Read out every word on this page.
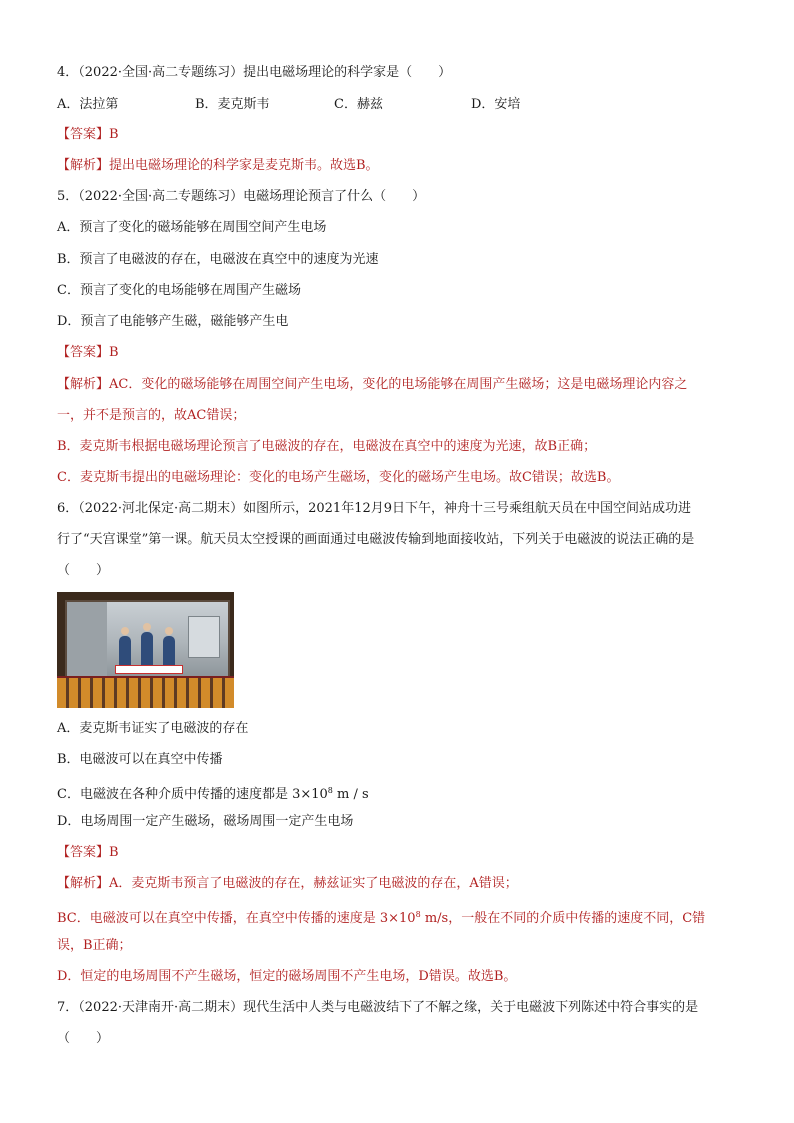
4．（2022·全国·高二专题练习）提出电磁场理论的科学家是（　　）
A．法拉第	B．麦克斯韦	C．赫兹	D．安培
【答案】B
【解析】提出电磁场理论的科学家是麦克斯韦。故选B。
5．（2022·全国·高二专题练习）电磁场理论预言了什么（　　）
A．预言了变化的磁场能够在周围空间产生电场
B．预言了电磁波的存在，电磁波在真空中的速度为光速
C．预言了变化的电场能够在周围产生磁场
D．预言了电能够产生磁，磁能够产生电
【答案】B
【解析】AC．变化的磁场能够在周围空间产生电场，变化的电场能够在周围产生磁场；这是电磁场理论内容之
一，并不是预言的，故AC错误；
B．麦克斯韦根据电磁场理论预言了电磁波的存在，电磁波在真空中的速度为光速，故B正确；
C．麦克斯韦提出的电磁场理论：变化的电场产生磁场，变化的磁场产生电场。故C错误；故选B。
6．（2022·河北保定·高二期末）如图所示，2021年12月9日下午，神舟十三号乘组航天员在中国空间站成功进
行了“天宫课堂”第一课。航天员太空授课的画面通过电磁波传输到地面接收站，下列关于电磁波的说法正确的是
（　　）
A．麦克斯韦证实了电磁波的存在
B．电磁波可以在真空中传播
C．电磁波在各种介质中传播的速度都是 $3\times 10^8$ m / s
D．电场周围一定产生磁场，磁场周围一定产生电场
【答案】B
【解析】A．麦克斯韦预言了电磁波的存在，赫兹证实了电磁波的存在，A错误；
BC．电磁波可以在真空中传播，在真空中传播的速度是 $3\times 10^8$ m/s，一般在不同的介质中传播的速度不同，C错
误，B正确；
D．恒定的电场周围不产生磁场，恒定的磁场周围不产生电场，D错误。故选B。
7．（2022·天津南开·高二期末）现代生活中人类与电磁波结下了不解之缘，关于电磁波下列陈述中符合事实的是
（　　）
